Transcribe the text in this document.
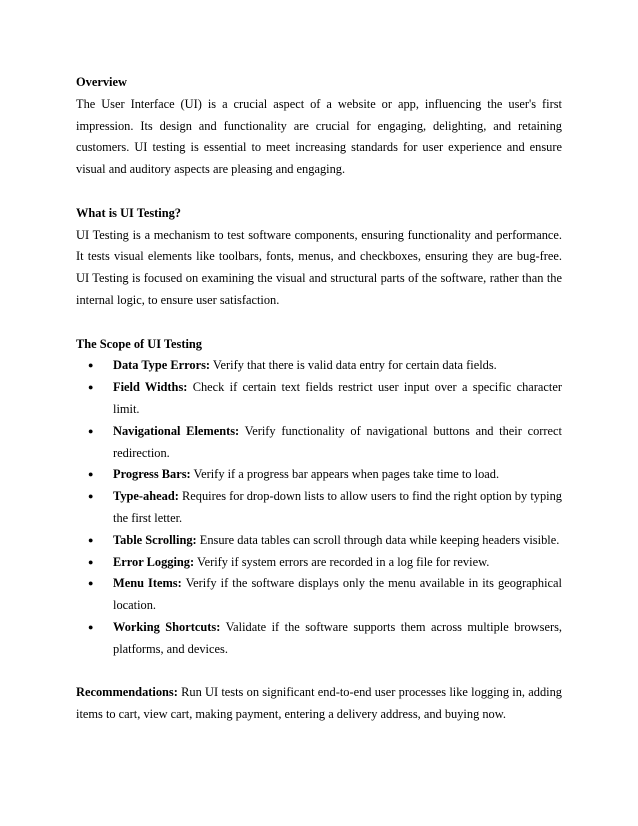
Overview

The User Interface (UI) is a crucial aspect of a website or app, influencing the user's first impression. Its design and functionality are crucial for engaging, delighting, and retaining customers. UI testing is essential to meet increasing standards for user experience and ensure visual and auditory aspects are pleasing and engaging.

What is UI Testing?

UI Testing is a mechanism to test software components, ensuring functionality and performance. It tests visual elements like toolbars, fonts, menus, and checkboxes, ensuring they are bug-free. UI Testing is focused on examining the visual and structural parts of the software, rather than the internal logic, to ensure user satisfaction.

The Scope of UI Testing

● Data Type Errors: Verify that there is valid data entry for certain data fields.
● Field Widths: Check if certain text fields restrict user input over a specific character limit.
● Navigational Elements: Verify functionality of navigational buttons and their correct redirection.
● Progress Bars: Verify if a progress bar appears when pages take time to load.
● Type-ahead: Requires for drop-down lists to allow users to find the right option by typing the first letter.
● Table Scrolling: Ensure data tables can scroll through data while keeping headers visible.
● Error Logging: Verify if system errors are recorded in a log file for review.
● Menu Items: Verify if the software displays only the menu available in its geographical location.
● Working Shortcuts: Validate if the software supports them across multiple browsers, platforms, and devices.

Recommendations: Run UI tests on significant end-to-end user processes like logging in, adding items to cart, view cart, making payment, entering a delivery address, and buying now.
